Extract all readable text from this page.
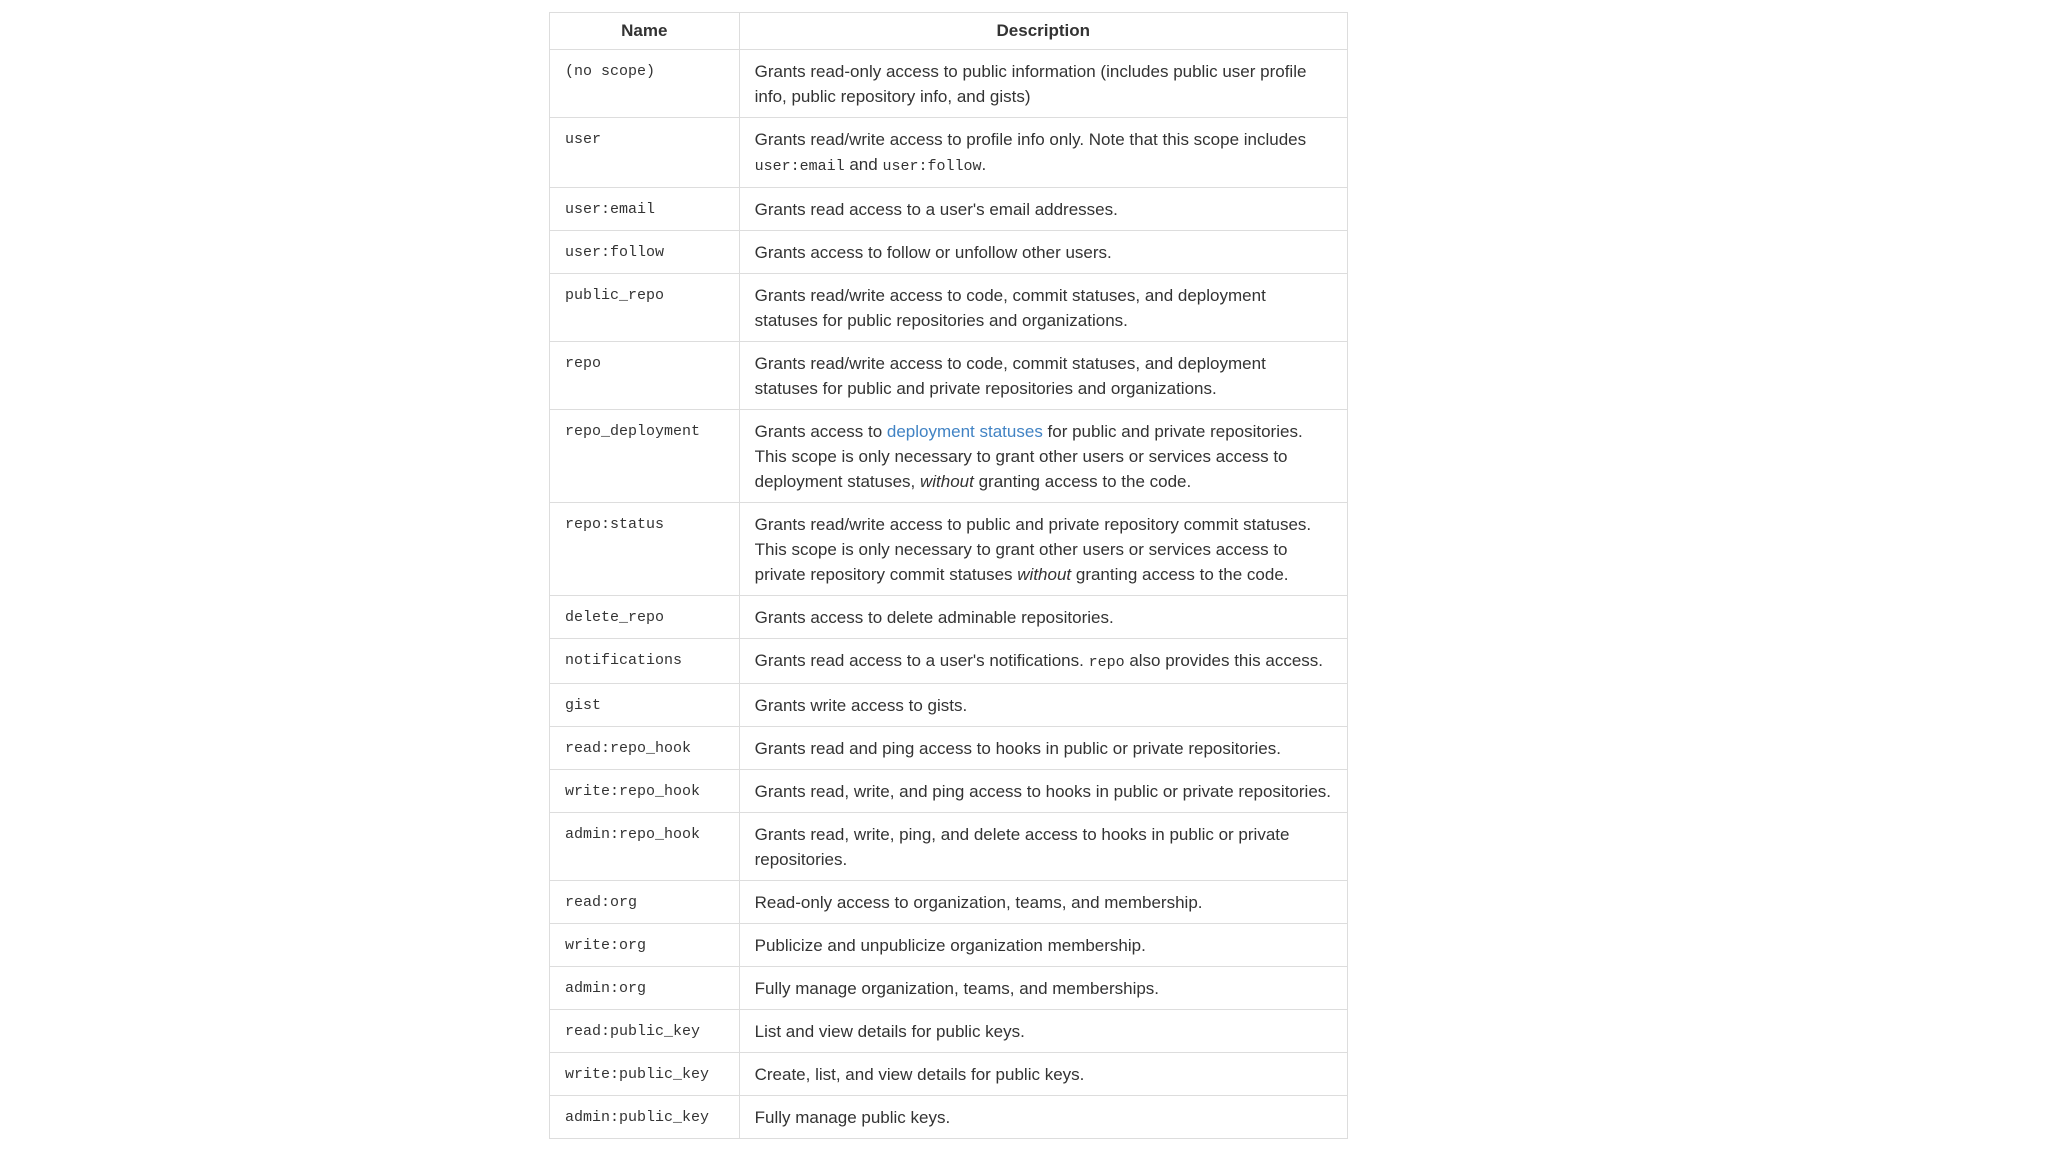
Name	Description
(no scope)	Grants read-only access to public information (includes public user profile info, public repository info, and gists)
user	Grants read/write access to profile info only. Note that this scope includes user:email and user:follow.
user:email	Grants read access to a user's email addresses.
user:follow	Grants access to follow or unfollow other users.
public_repo	Grants read/write access to code, commit statuses, and deployment statuses for public repositories and organizations.
repo	Grants read/write access to code, commit statuses, and deployment statuses for public and private repositories and organizations.
repo_deployment	Grants access to deployment statuses for public and private repositories. This scope is only necessary to grant other users or services access to deployment statuses, without granting access to the code.
repo:status	Grants read/write access to public and private repository commit statuses. This scope is only necessary to grant other users or services access to private repository commit statuses without granting access to the code.
delete_repo	Grants access to delete adminable repositories.
notifications	Grants read access to a user's notifications. repo also provides this access.
gist	Grants write access to gists.
read:repo_hook	Grants read and ping access to hooks in public or private repositories.
write:repo_hook	Grants read, write, and ping access to hooks in public or private repositories.
admin:repo_hook	Grants read, write, ping, and delete access to hooks in public or private repositories.
read:org	Read-only access to organization, teams, and membership.
write:org	Publicize and unpublicize organization membership.
admin:org	Fully manage organization, teams, and memberships.
read:public_key	List and view details for public keys.
write:public_key	Create, list, and view details for public keys.
admin:public_key	Fully manage public keys.
